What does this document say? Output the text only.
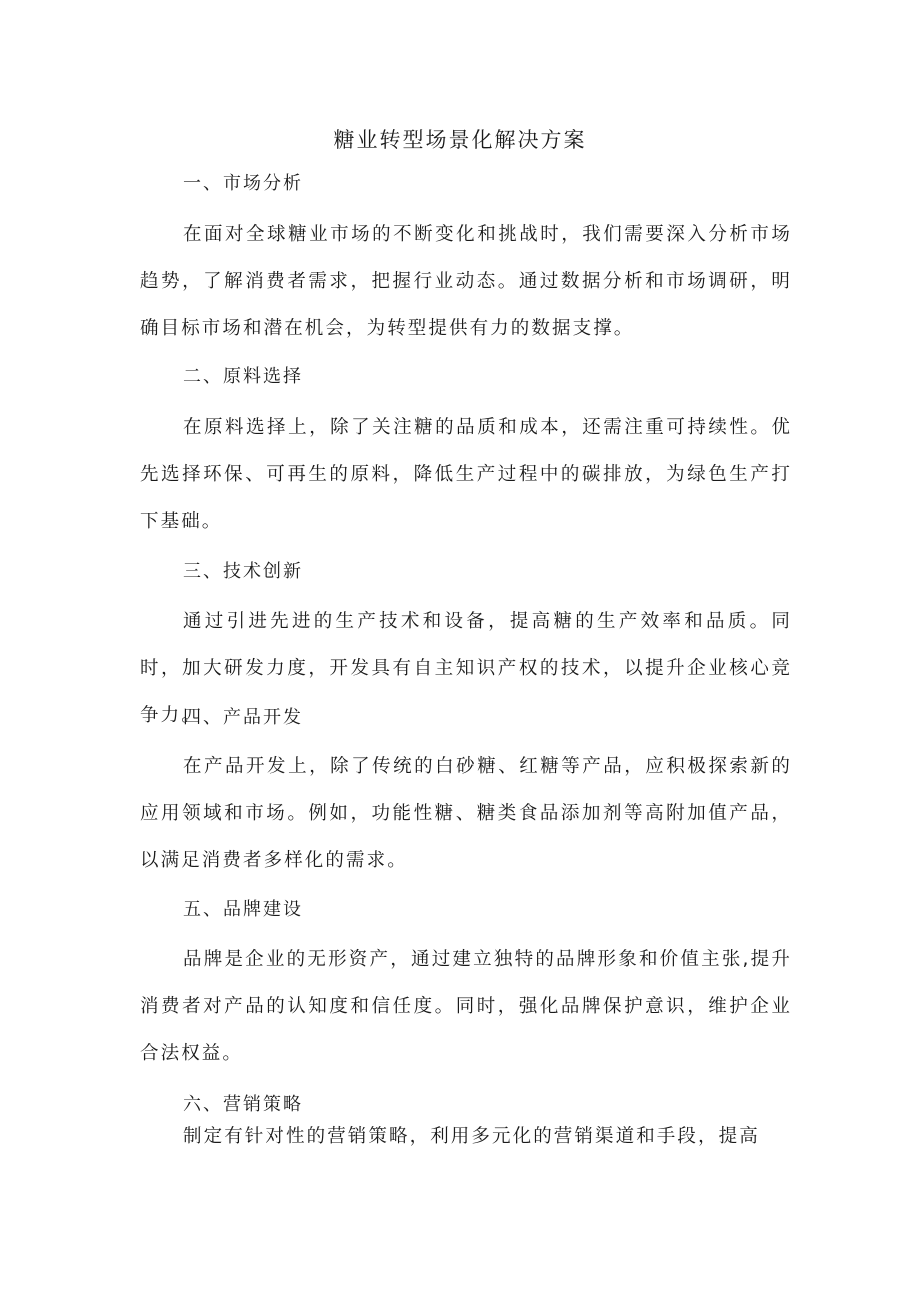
糖业转型场景化解决方案

一、市场分析

在面对全球糖业市场的不断变化和挑战时，我们需要深入分析市场趋势，了解消费者需求，把握行业动态。通过数据分析和市场调研，明确目标市场和潜在机会，为转型提供有力的数据支撑。

二、原料选择

在原料选择上，除了关注糖的品质和成本，还需注重可持续性。优先选择环保、可再生的原料，降低生产过程中的碳排放，为绿色生产打下基础。

三、技术创新

通过引进先进的生产技术和设备，提高糖的生产效率和品质。同时，加大研发力度，开发具有自主知识产权的技术，以提升企业核心竞争力。

四、产品开发

在产品开发上，除了传统的白砂糖、红糖等产品，应积极探索新的应用领域和市场。例如，功能性糖、糖类食品添加剂等高附加值产品，以满足消费者多样化的需求。

五、品牌建设

品牌是企业的无形资产，通过建立独特的品牌形象和价值主张,提升消费者对产品的认知度和信任度。同时，强化品牌保护意识，维护企业合法权益。

六、营销策略

制定有针对性的营销策略，利用多元化的营销渠道和手段，提高
